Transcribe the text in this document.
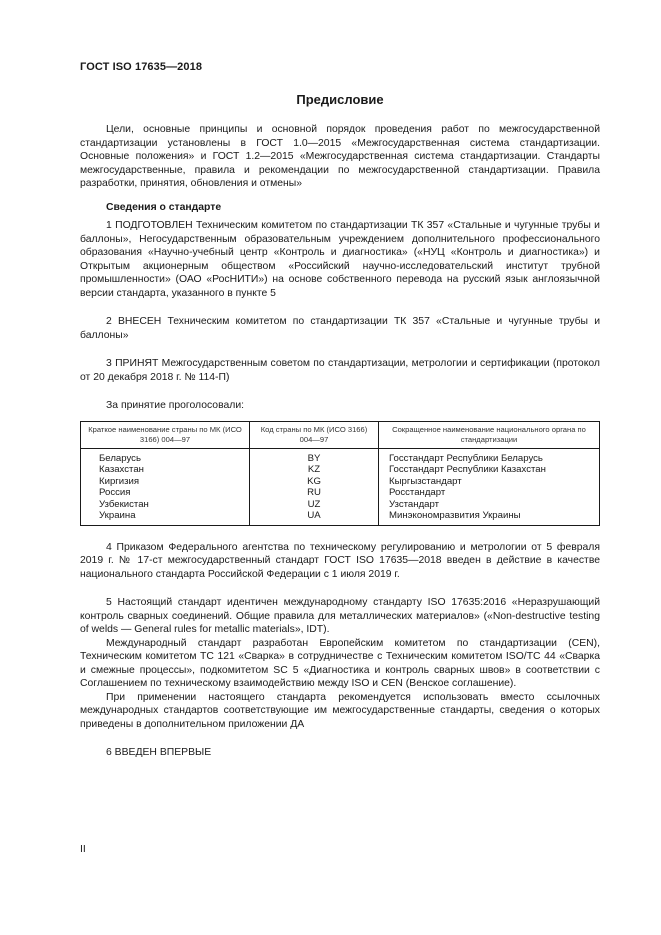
ГОСТ ISO 17635—2018
Предисловие

Цели, основные принципы и основной порядок проведения работ по межгосударственной стандартизации установлены в ГОСТ 1.0—2015 «Межгосударственная система стандартизации. Основные положения» и ГОСТ 1.2—2015 «Межгосударственная система стандартизации. Стандарты межгосударственные, правила и рекомендации по межгосударственной стандартизации. Правила разработки, принятия, обновления и отмены»

Сведения о стандарте

1 ПОДГОТОВЛЕН Техническим комитетом по стандартизации ТК 357 «Стальные и чугунные трубы и баллоны», Негосударственным образовательным учреждением дополнительного профессионального образования «Научно-учебный центр «Контроль и диагностика» («НУЦ «Контроль и диагностика») и Открытым акционерным обществом «Российский научно-исследовательский институт трубной промышленности» (ОАО «РосНИТИ») на основе собственного перевода на русский язык англоязычной версии стандарта, указанного в пункте 5

2 ВНЕСЕН Техническим комитетом по стандартизации ТК 357 «Стальные и чугунные трубы и баллоны»

3 ПРИНЯТ Межгосударственным советом по стандартизации, метрологии и сертификации (протокол от 20 декабря 2018 г. № 114-П)

За принятие проголосовали:

Краткое наименование страны по МК (ИСО 3166) 004—97	Код страны по МК (ИСО 3166) 004—97	Сокращенное наименование национального органа по стандартизации
Беларусь	BY	Госстандарт Республики Беларусь
Казахстан	KZ	Госстандарт Республики Казахстан
Киргизия	KG	Кыргызстандарт
Россия	RU	Росстандарт
Узбекистан	UZ	Узстандарт
Украина	UA	Минэкономразвития Украины

4 Приказом Федерального агентства по техническому регулированию и метрологии от 5 февраля 2019 г. № 17-ст межгосударственный стандарт ГОСТ ISO 17635—2018 введен в действие в качестве национального стандарта Российской Федерации с 1 июля 2019 г.

5 Настоящий стандарт идентичен международному стандарту ISO 17635:2016 «Неразрушающий контроль сварных соединений. Общие правила для металлических материалов» («Non-destructive testing of welds — General rules for metallic materials», IDT).

Международный стандарт разработан Европейским комитетом по стандартизации (CEN), Техническим комитетом ТС 121 «Сварка» в сотрудничестве с Техническим комитетом ISO/TC 44 «Сварка и смежные процессы», подкомитетом SC 5 «Диагностика и контроль сварных швов» в соответствии с Соглашением по техническому взаимодействию между ISO и CEN (Венское соглашение).

При применении настоящего стандарта рекомендуется использовать вместо ссылочных международных стандартов соответствующие им межгосударственные стандарты, сведения о которых приведены в дополнительном приложении ДА

6 ВВЕДЕН ВПЕРВЫЕ

II
